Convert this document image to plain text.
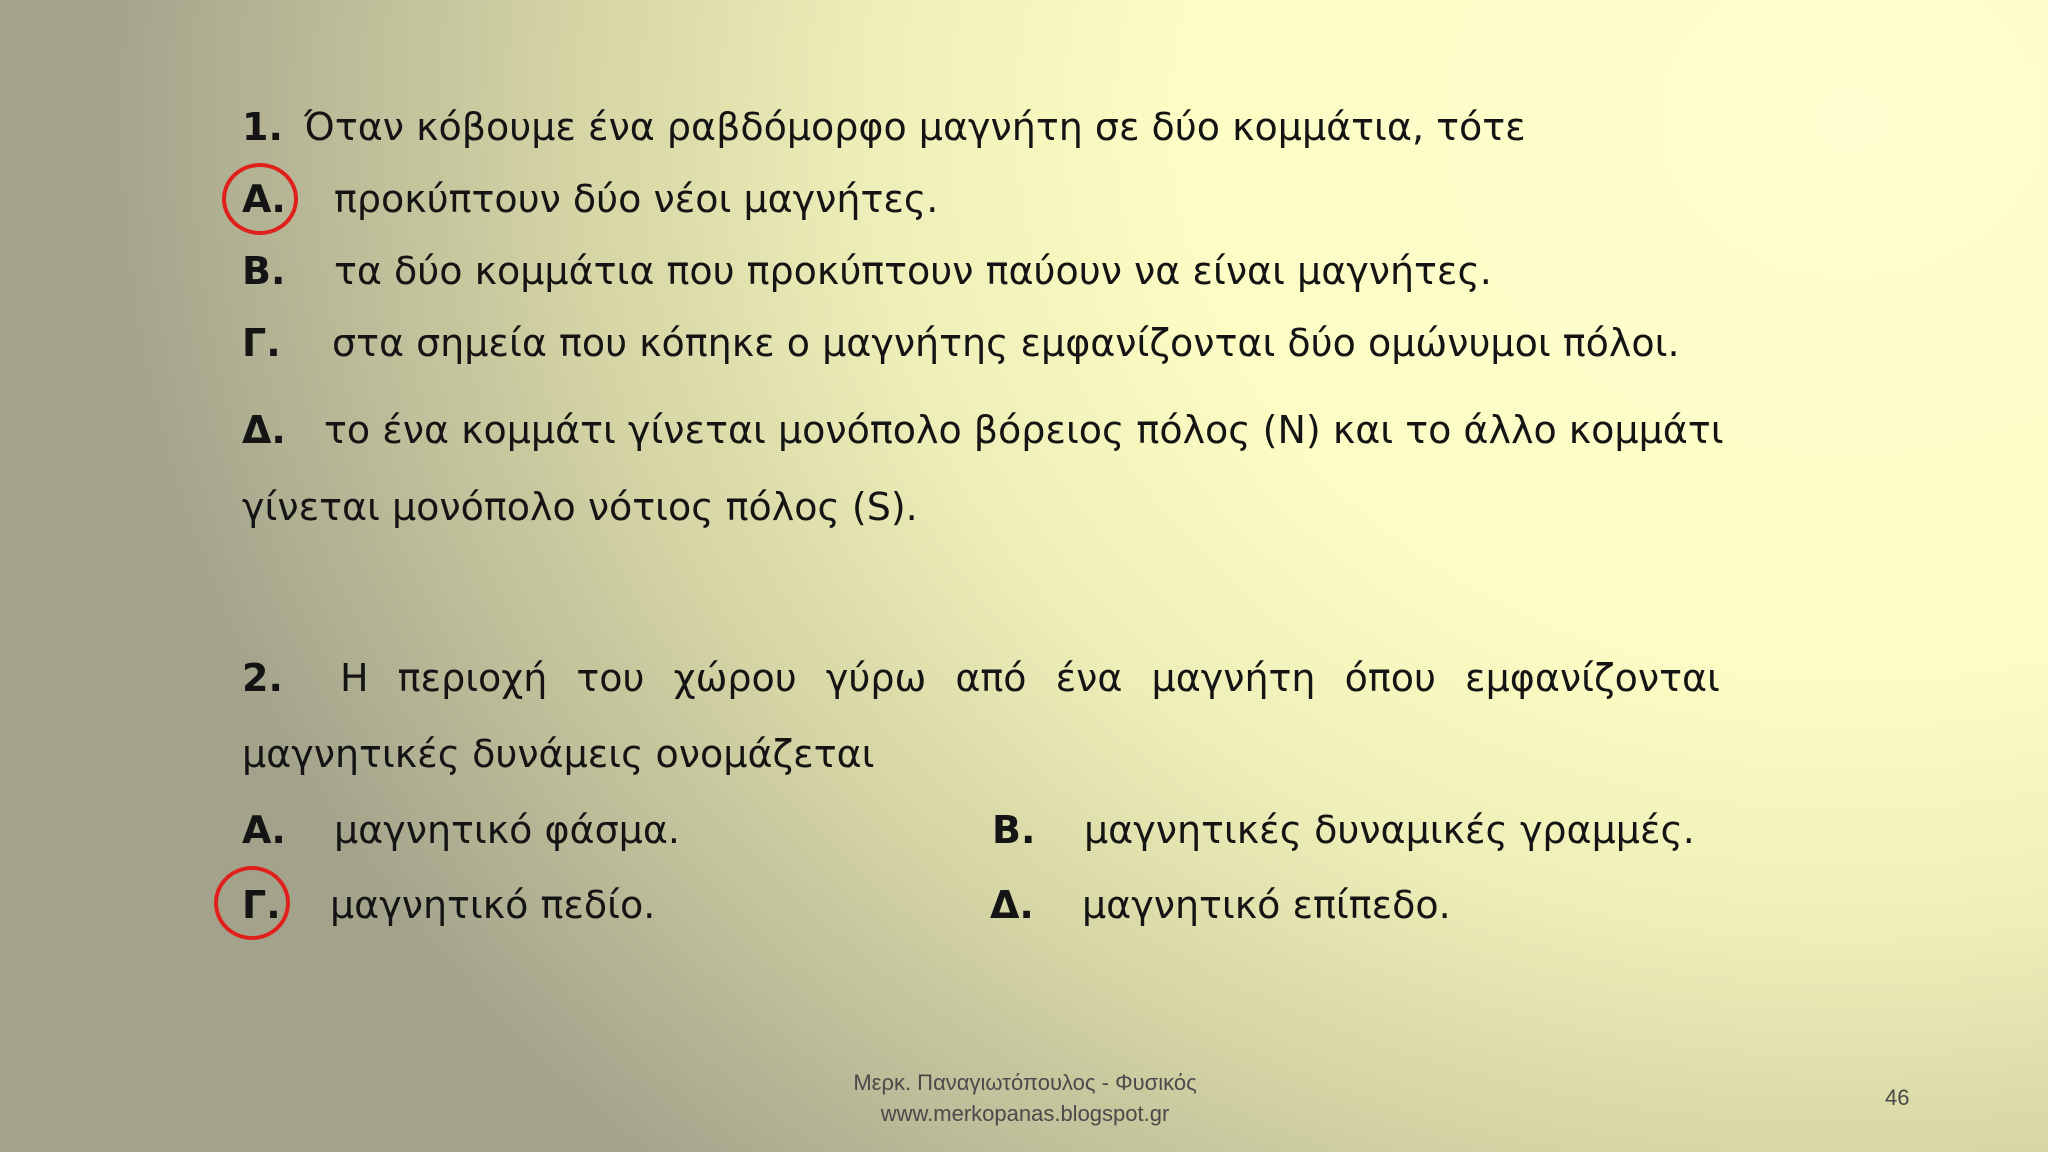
1. Όταν κόβουμε ένα ραβδόμορφο μαγνήτη σε δύο κομμάτια, τότε
Α. προκύπτουν δύο νέοι μαγνήτες.
Β. τα δύο κομμάτια που προκύπτουν παύουν να είναι μαγνήτες.
Γ. στα σημεία που κόπηκε ο μαγνήτης εμφανίζονται δύο ομώνυμοι πόλοι.
Δ. το ένα κομμάτι γίνεται μονόπολο βόρειος πόλος (Ν) και το άλλο κομμάτι
γίνεται μονόπολο νότιος πόλος (S).
2. Η περιοχή του χώρου γύρω από ένα μαγνήτη όπου εμφανίζονται
μαγνητικές δυνάμεις ονομάζεται
Α. μαγνητικό φάσμα.	Β. μαγνητικές δυναμικές γραμμές.
Γ. μαγνητικό πεδίο.	Δ. μαγνητικό επίπεδο.
Μερκ. Παναγιωτόπουλος - Φυσικός
www.merkopanas.blogspot.gr
46
